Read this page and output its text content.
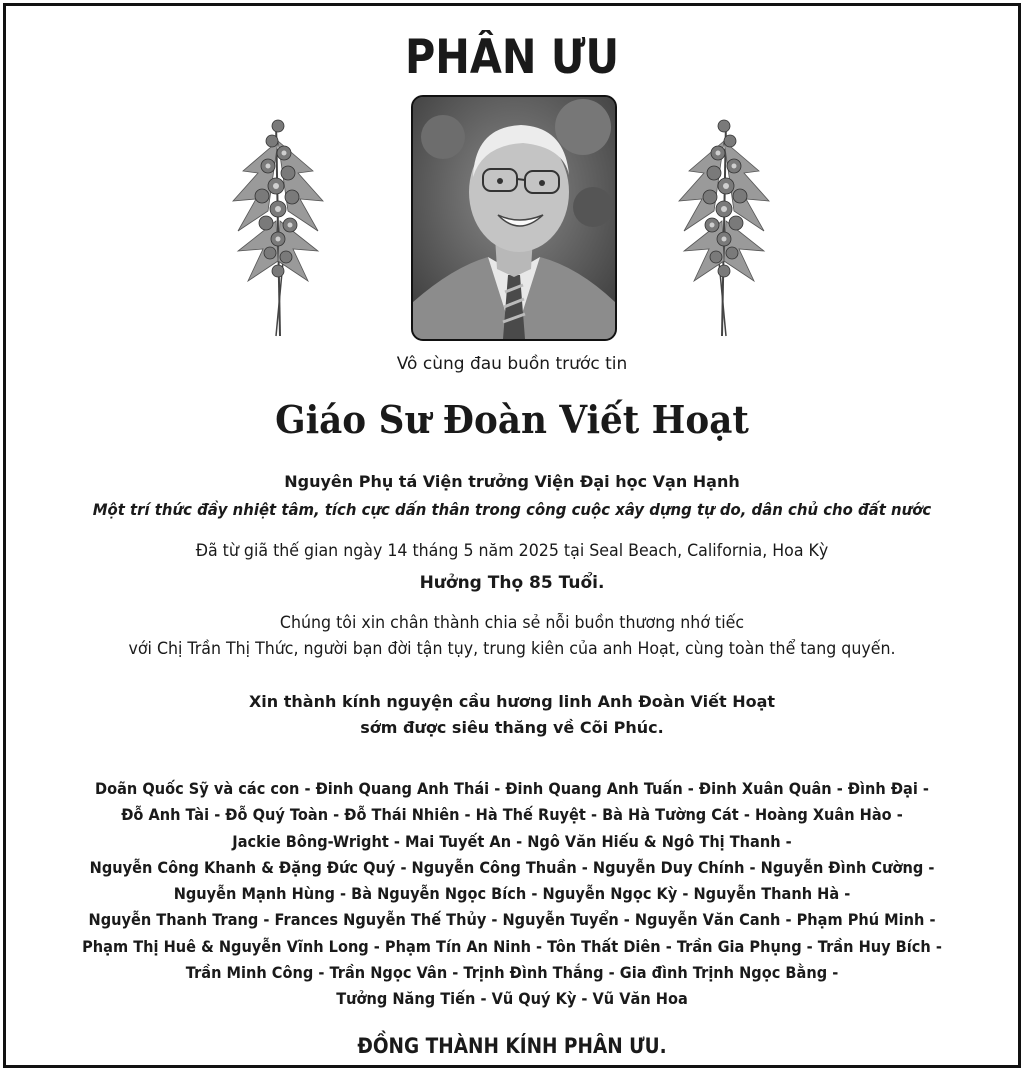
PHÂN ƯU
Vô cùng đau buồn trước tin
Giáo Sư Đoàn Viết Hoạt
Nguyên Phụ tá Viện trưởng Viện Đại học Vạn Hạnh
Một trí thức đầy nhiệt tâm, tích cực dấn thân trong công cuộc xây dựng tự do, dân chủ cho đất nước
Đã từ giã thế gian ngày 14 tháng 5 năm 2025 tại Seal Beach, California, Hoa Kỳ
Hưởng Thọ 85 Tuổi.
Chúng tôi xin chân thành chia sẻ nỗi buồn thương nhớ tiếc
với Chị Trần Thị Thức, người bạn đời tận tụy, trung kiên của anh Hoạt, cùng toàn thể tang quyến.
Xin thành kính nguyện cầu hương linh Anh Đoàn Viết Hoạt
sớm được siêu thăng về Cõi Phúc.
Doãn Quốc Sỹ và các con - Đinh Quang Anh Thái - Đinh Quang Anh Tuấn - Đinh Xuân Quân - Đình Đại -
Đỗ Anh Tài - Đỗ Quý Toàn - Đỗ Thái Nhiên - Hà Thế Ruyệt - Bà Hà Tường Cát - Hoàng Xuân Hào -
Jackie Bông-Wright - Mai Tuyết An - Ngô Văn Hiếu & Ngô Thị Thanh -
Nguyễn Công Khanh & Đặng Đức Quý - Nguyễn Công Thuần - Nguyễn Duy Chính - Nguyễn Đình Cường -
Nguyễn Mạnh Hùng - Bà Nguyễn Ngọc Bích - Nguyễn Ngọc Kỳ - Nguyễn Thanh Hà -
Nguyễn Thanh Trang - Frances Nguyễn Thế Thủy - Nguyễn Tuyển - Nguyễn Văn Canh - Phạm Phú Minh -
Phạm Thị Huê & Nguyễn Vĩnh Long - Phạm Tín An Ninh - Tôn Thất Diên - Trần Gia Phụng - Trần Huy Bích -
Trần Minh Công - Trần Ngọc Vân - Trịnh Đình Thắng - Gia đình Trịnh Ngọc Bằng -
Tưởng Năng Tiến - Vũ Quý Kỳ - Vũ Văn Hoa
ĐỒNG THÀNH KÍNH PHÂN ƯU.
